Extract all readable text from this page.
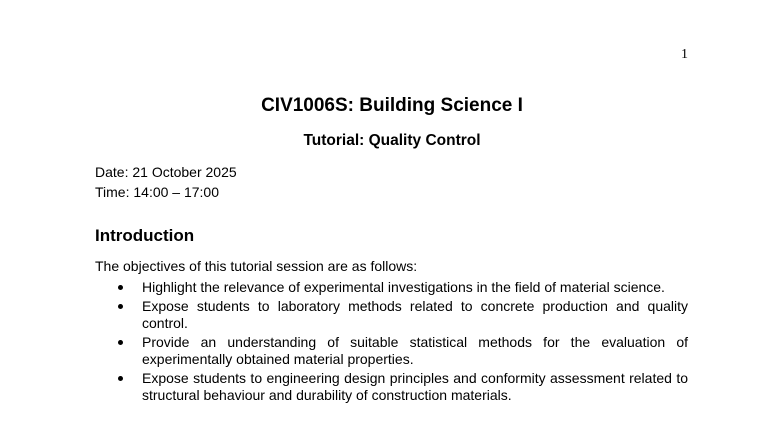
1
CIV1006S: Building Science I
Tutorial: Quality Control
Date: 21 October 2025
Time: 14:00 – 17:00
Introduction
The objectives of this tutorial session are as follows:
Highlight the relevance of experimental investigations in the field of material science.
Expose students to laboratory methods related to concrete production and quality control.
Provide an understanding of suitable statistical methods for the evaluation of experimentally obtained material properties.
Expose students to engineering design principles and conformity assessment related to structural behaviour and durability of construction materials.
